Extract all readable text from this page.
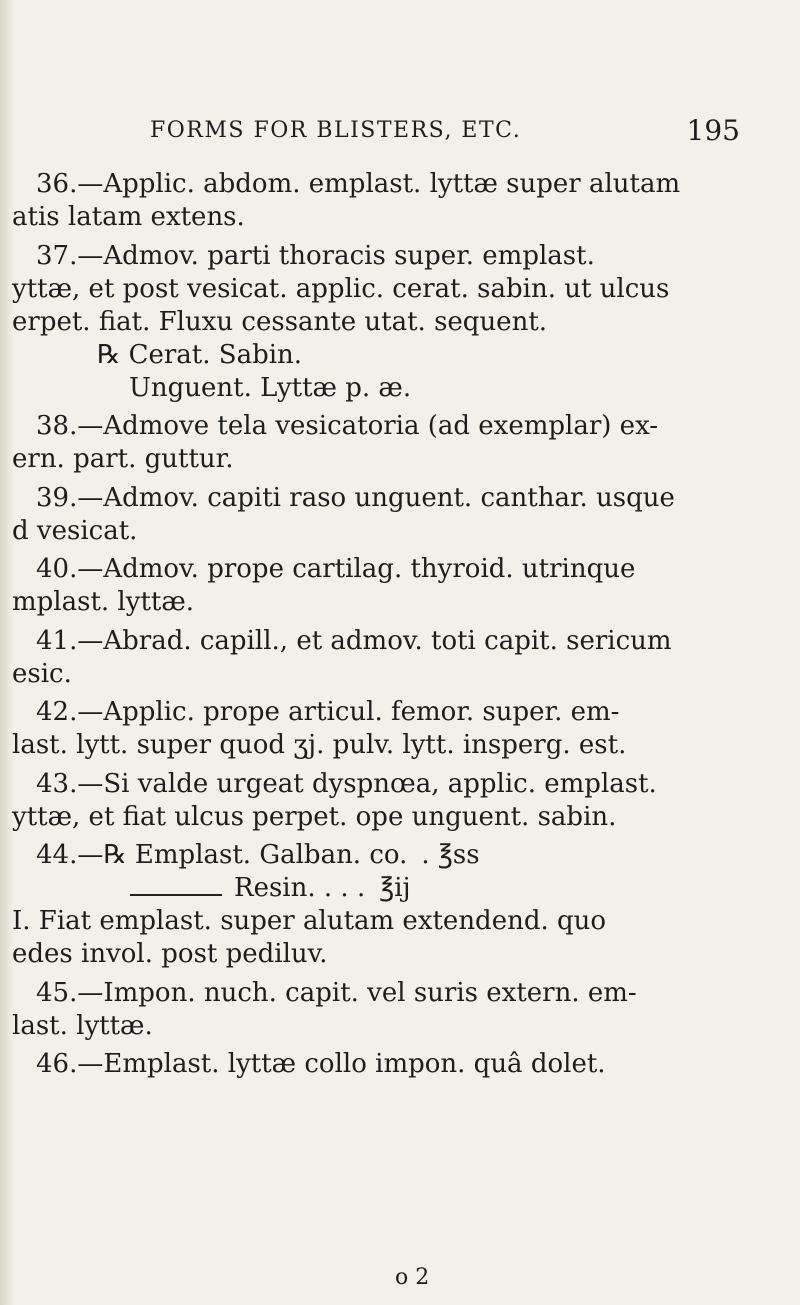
FORMS FOR BLISTERS, ETC.	195
36.—Applic. abdom. emplast. lyttæ super alutam
atis latam extens.
37.—Admov. parti thoracis super. emplast.
yttæ, et post vesicat. applic. cerat. sabin. ut ulcus
erpet. fiat. Fluxu cessante utat. sequent.
℞ Cerat. Sabin.
Unguent. Lyttæ p. æ.
38.—Admove tela vesicatoria (ad exemplar) ex-
ern. part. guttur.
39.—Admov. capiti raso unguent. canthar. usque
d vesicat.
40.—Admov. prope cartilag. thyroid. utrinque
mplast. lyttæ.
41.—Abrad. capill., et admov. toti capit. sericum
esic.
42.—Applic. prope articul. femor. super. em-
last. lytt. super quod ʒj. pulv. lytt. insperg. est.
43.—Si valde urgeat dyspnœa, applic. emplast.
yttæ, et fiat ulcus perpet. ope unguent. sabin.
44.—℞ Emplast. Galban. co. . ℥ss
Resin. . . . ℥ij
I. Fiat emplast. super alutam extendend. quo
edes invol. post pediluv.
45.—Impon. nuch. capit. vel suris extern. em-
last. lyttæ.
46.—Emplast. lyttæ collo impon. quâ dolet.
o 2
